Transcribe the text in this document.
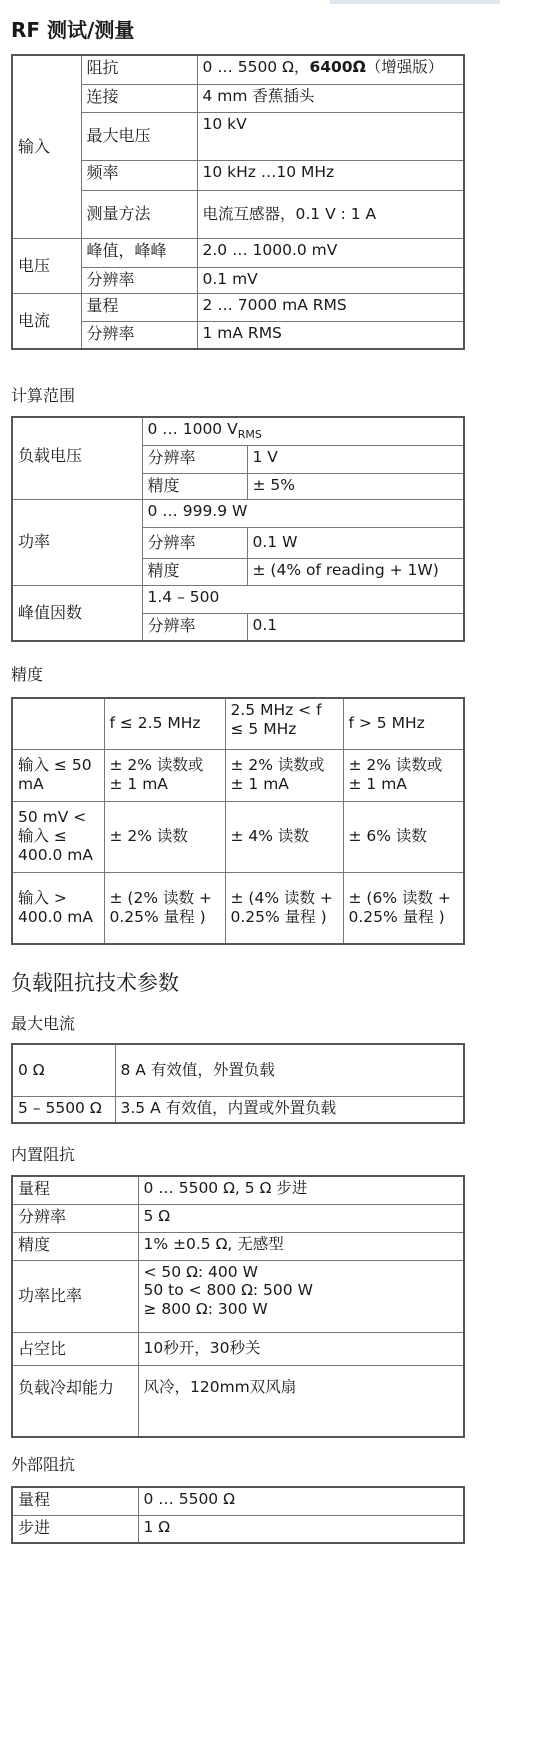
RF 测试/测量
输入	阻抗	0 … 5500 Ω，6400Ω（增强版）
	连接	4 mm 香蕉插头
	最大电压	10 kV
	频率	10 kHz …10 MHz
	测量方法	电流互感器，0.1 V : 1 A
电压	峰值，峰峰	2.0 … 1000.0 mV
	分辨率	0.1 mV
电流	量程	2 … 7000 mA RMS
	分辨率	1 mA RMS
计算范围
负载电压	0 … 1000 $V_{RMS}$
	分辨率	1 V
	精度	± 5%
功率	0 … 999.9 W	
	分辨率	0.1 W
	精度	± (4% of reading + 1W)
峰值因数	1.4 – 500	
	分辨率	0.1
精度
	f ≤ 2.5 MHz	2.5 MHz < f ≤ 5 MHz	f > 5 MHz
输入 ≤ 50 mA	± 2% 读数或 ± 1 mA	± 2% 读数或 ± 1 mA	± 2% 读数或 ± 1 mA
50 mV < 输入 ≤ 400.0 mA	± 2% 读数	± 4% 读数	± 6% 读数
输入 > 400.0 mA	± (2% 读数 + 0.25% 量程 )	± (4% 读数 + 0.25% 量程 )	± (6% 读数 + 0.25% 量程 )
负载阻抗技术参数
最大电流
0 Ω	8 A 有效值，外置负载
5 – 5500 Ω	3.5 A 有效值，内置或外置负载
内置阻抗
量程	0 … 5500 Ω, 5 Ω 步进
分辨率	5 Ω
精度	1% ±0.5 Ω, 无感型
功率比率	< 50 Ω: 400 W
50 to < 800 Ω: 500 W
≥ 800 Ω: 300 W

占空比	10秒开，30秒关
负载冷却能力	风冷，120mm双风扇
外部阻抗
量程	0 … 5500 Ω
步进	1 Ω
